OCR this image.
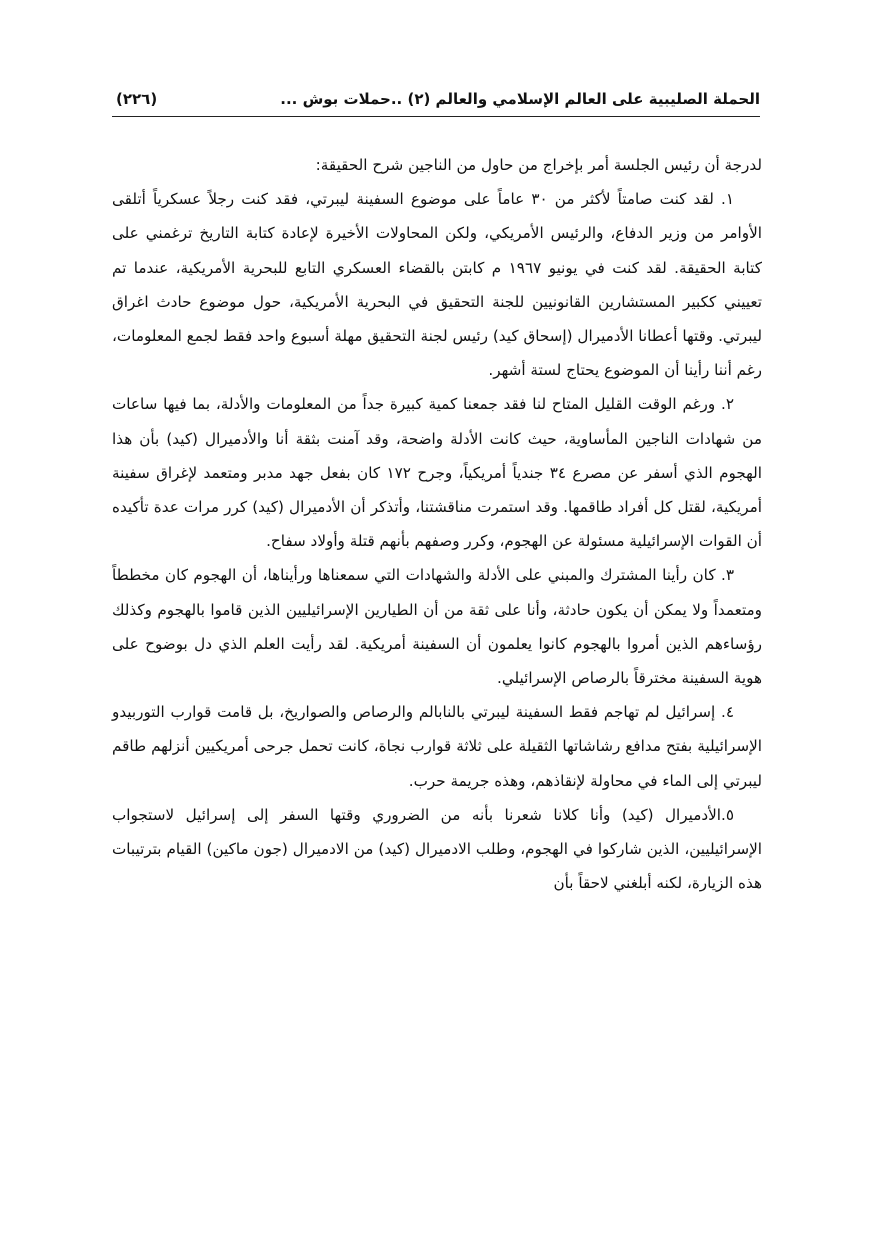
الحملة الصليبية على العالم الإسلامي والعالم (٢) ..حملات بوش ...
(٢٢٦)

لدرجة أن رئيس الجلسة أمر بإخراج من حاول من الناجين شرح الحقيقة:

١. لقد كنت صامتاً لأكثر من ٣٠ عاماً على موضوع السفينة ليبرتي، فقد كنت رجلاً عسكرياً أتلقى الأوامر من وزير الدفاع، والرئيس الأمريكي، ولكن المحاولات الأخيرة لإعادة كتابة التاريخ ترغمني على كتابة الحقيقة. لقد كنت في يونيو ١٩٦٧ م كابتن بالقضاء العسكري التابع للبحرية الأمريكية، عندما تم تعييني ككبير المستشارين القانونيين للجنة التحقيق في البحرية الأمريكية، حول موضوع حادث اغراق ليبرتي. وقتها أعطانا الأدميرال (إسحاق كيد) رئيس لجنة التحقيق مهلة أسبوع واحد فقط لجمع المعلومات، رغم أننا رأينا أن الموضوع يحتاج لستة أشهر.

٢. ورغم الوقت القليل المتاح لنا فقد جمعنا كمية كبيرة جداً من المعلومات والأدلة، بما فيها ساعات من شهادات الناجين المأساوية، حيث كانت الأدلة واضحة، وقد آمنت بثقة أنا والأدميرال (كيد) بأن هذا الهجوم الذي أسفر عن مصرع ٣٤ جندياً أمريكياً، وجرح ١٧٢ كان بفعل جهد مدبر ومتعمد لإغراق سفينة أمريكية، لقتل كل أفراد طاقمها. وقد استمرت مناقشتنا، وأتذكر أن الأدميرال (كيد) كرر مرات عدة تأكيده أن القوات الإسرائيلية مسئولة عن الهجوم، وكرر وصفهم بأنهم قتلة وأولاد سفاح.

٣. كان رأينا المشترك والمبني على الأدلة والشهادات التي سمعناها ورأيناها، أن الهجوم كان مخططاً ومتعمداً ولا يمكن أن يكون حادثة، وأنا على ثقة من أن الطيارين الإسرائيليين الذين قاموا بالهجوم وكذلك رؤساءهم الذين أمروا بالهجوم كانوا يعلمون أن السفينة أمريكية. لقد رأيت العلم الذي دل بوضوح على هوية السفينة مخترقاً بالرصاص الإسرائيلي.

٤. إسرائيل لم تهاجم فقط السفينة ليبرتي بالنابالم والرصاص والصواريخ، بل قامت قوارب التوربيدو الإسرائيلية بفتح مدافع رشاشاتها الثقيلة على ثلاثة قوارب نجاة، كانت تحمل جرحى أمريكيين أنزلهم طاقم ليبرتي إلى الماء في محاولة لإنقاذهم، وهذه جريمة حرب.

٥.الأدميرال (كيد) وأنا كلانا شعرنا بأنه من الضروري وقتها السفر إلى إسرائيل لاستجواب الإسرائيليين، الذين شاركوا في الهجوم، وطلب الادميرال (كيد) من الادميرال (جون ماكين) القيام بترتيبات هذه الزيارة، لكنه أبلغني لاحقاً بأن
